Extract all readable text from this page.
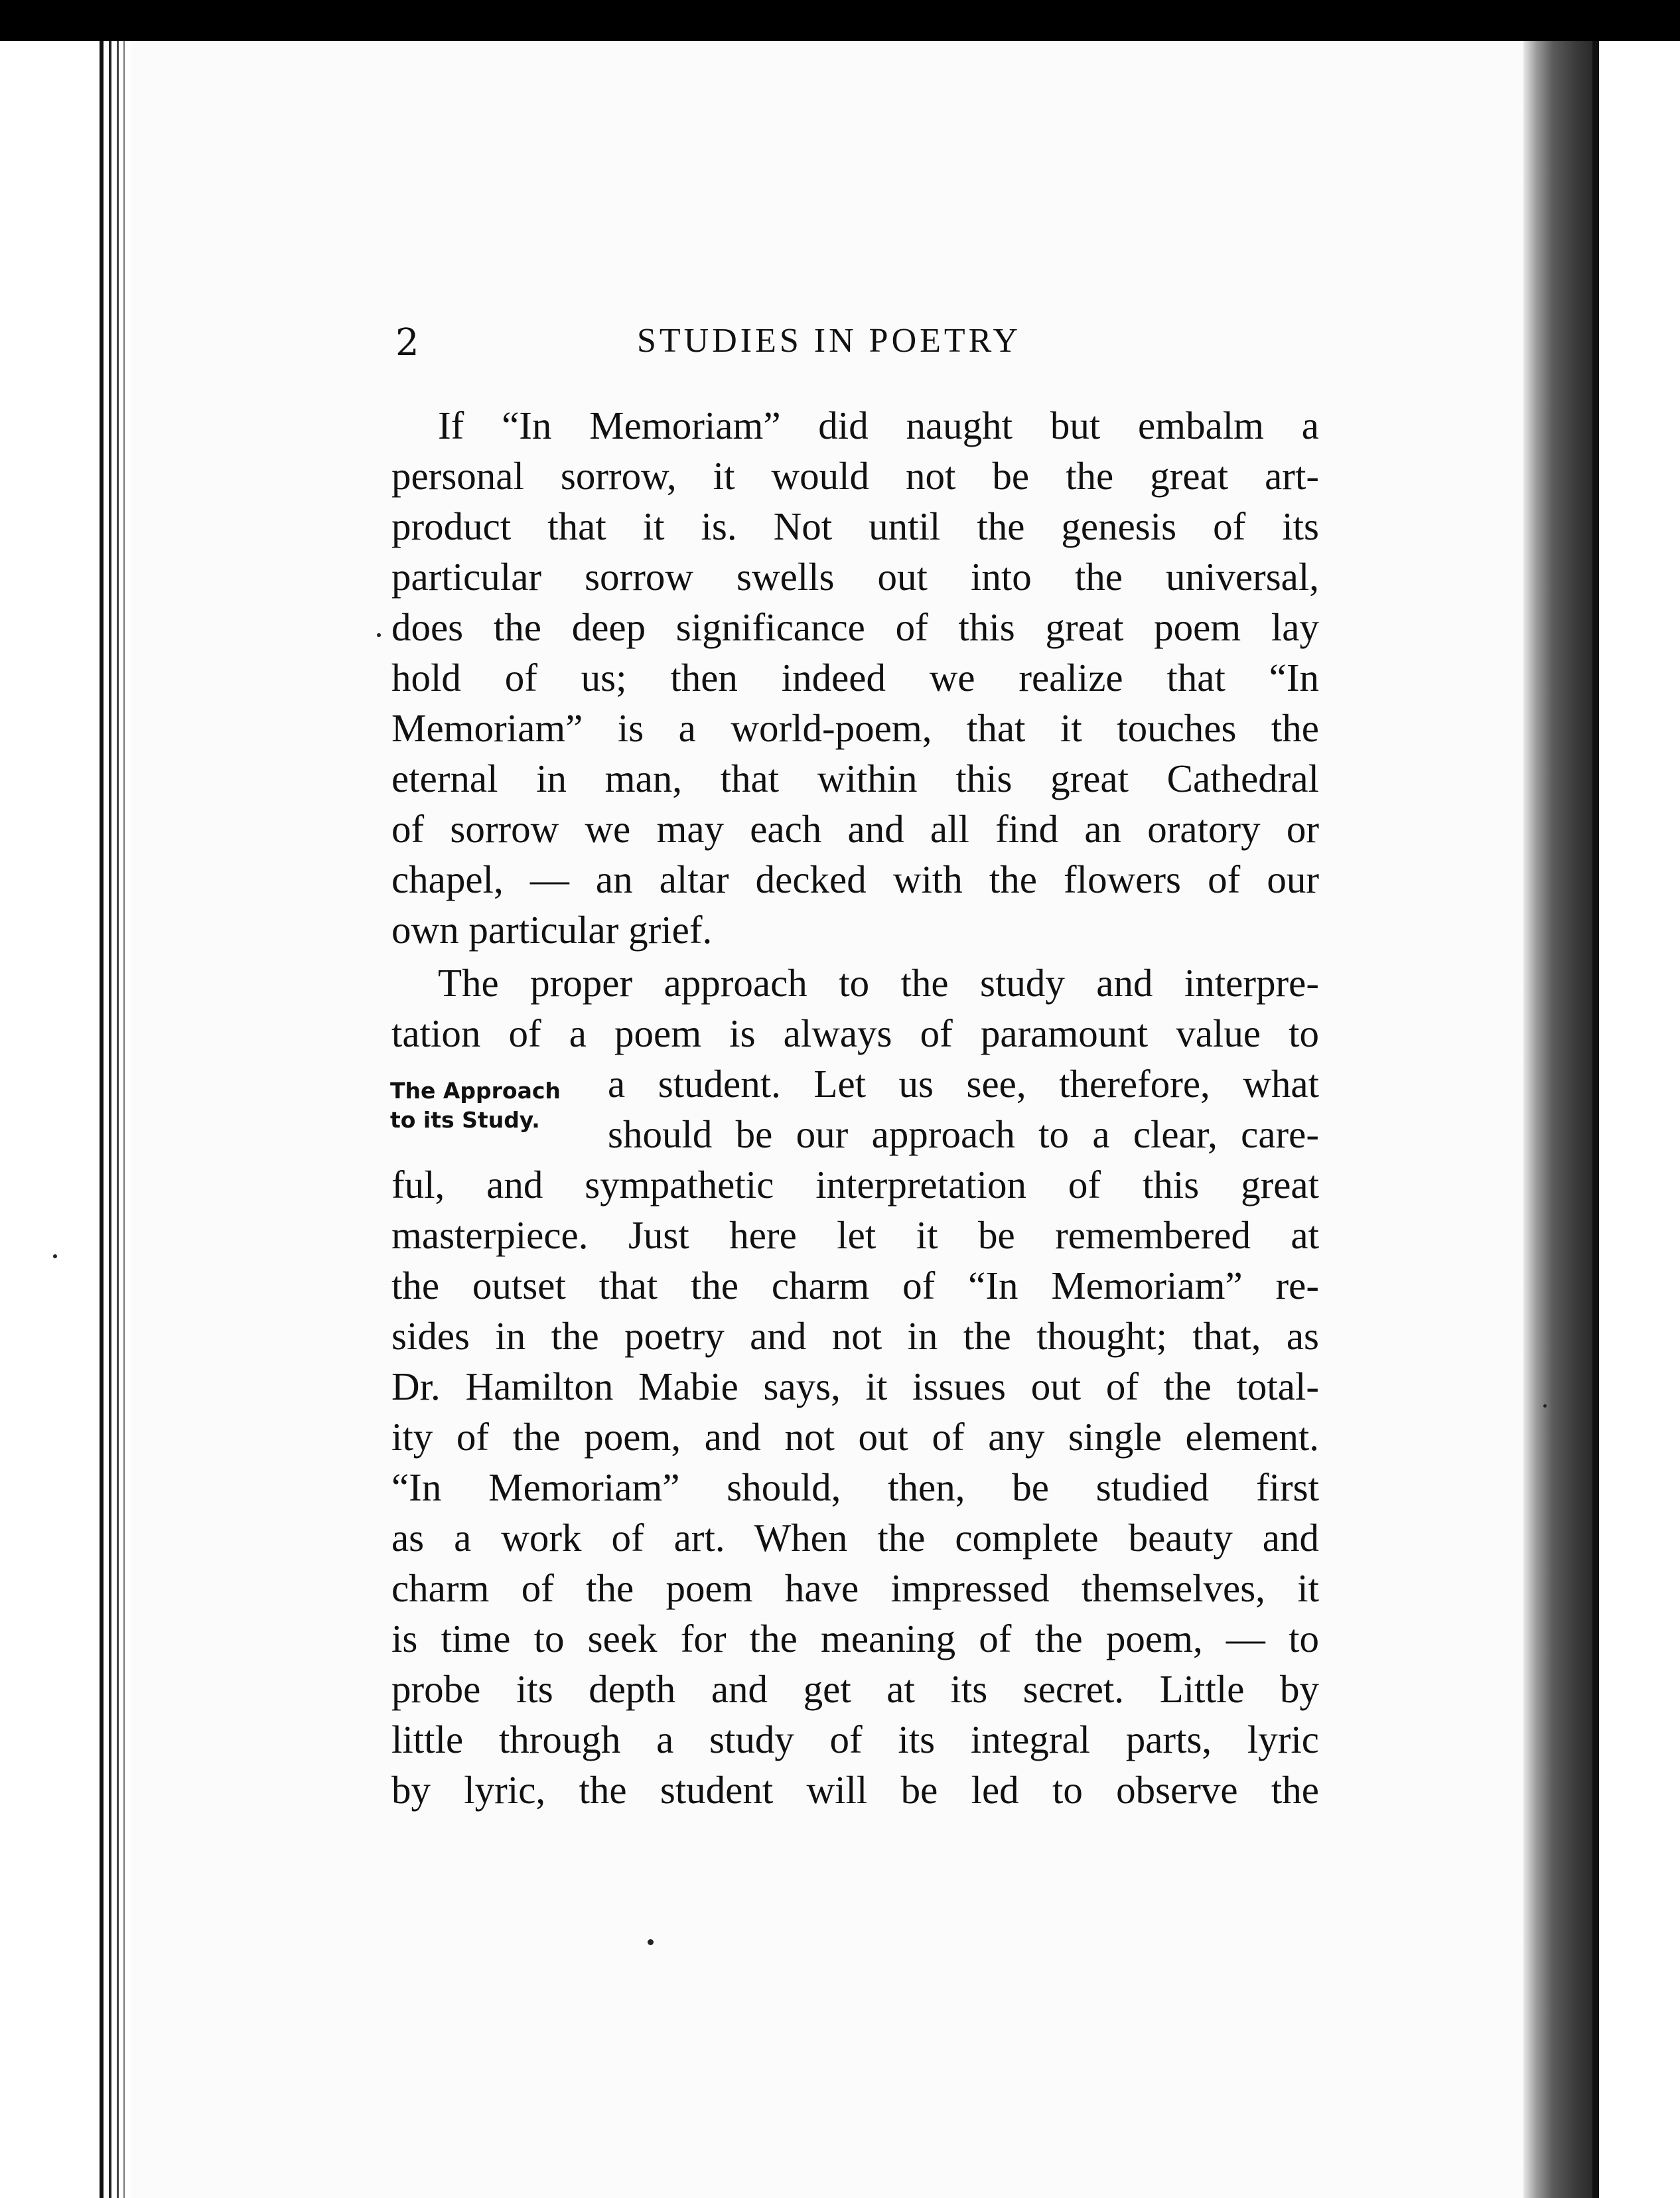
2	STUDIES IN POETRY
If “In Memoriam” did naught but embalm a
personal sorrow, it would not be the great art-
product that it is. Not until the genesis of its
particular sorrow swells out into the universal,
does the deep significance of this great poem lay
hold of us; then indeed we realize that “In
Memoriam” is a world-poem, that it touches the
eternal in man, that within this great Cathedral
of sorrow we may each and all find an oratory or
chapel, — an altar decked with the flowers of our
own particular grief.
The proper approach to the study and interpre-
tation of a poem is always of paramount value to
a student. Let us see, therefore, what
should be our approach to a clear, care-
ful, and sympathetic interpretation of this great
masterpiece. Just here let it be remembered at
the outset that the charm of “In Memoriam” re-
sides in the poetry and not in the thought; that, as
Dr. Hamilton Mabie says, it issues out of the total-
ity of the poem, and not out of any single element.
“In Memoriam” should, then, be studied first
as a work of art. When the complete beauty and
charm of the poem have impressed themselves, it
is time to seek for the meaning of the poem, — to
probe its depth and get at its secret. Little by
little through a study of its integral parts, lyric
by lyric, the student will be led to observe the
The Approach
to its Study.
